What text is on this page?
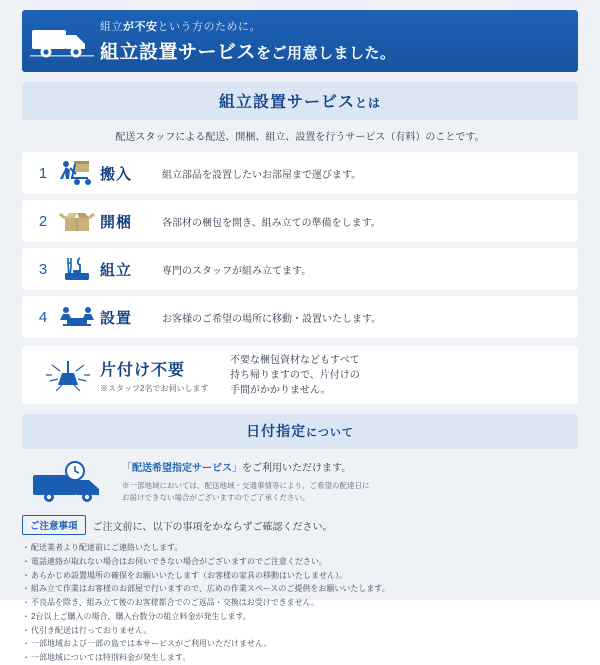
組立が不安という方のために。
組立設置サービスをご用意しました。
組立設置サービスとは
配送スタッフによる配送、開梱、組立、設置を行うサービス（有料）のことです。
1	搬入	組立部品を設置したいお部屋まで運びます。
2	開梱	各部材の梱包を開き、組み立ての準備をします。
3	組立	専門のスタッフが組み立てます。
4	設置	お客様のご希望の場所に移動・設置いたします。
片付け不要
※スタッフ2名でお伺いします
不要な梱包資材などもすべて
持ち帰りますので、片付けの
手間がかかりません。
日付指定について
「配送希望指定サービス」をご利用いただけます。
※一部地域においては、配送地域・交通事情等により、ご希望の配達日に
お届けできない場合がございますのでご了承ください。
ご注意事項	ご注文前に、以下の事項をかならずご確認ください。
・ 配送業者より配達前にご連絡いたします。
・ 電話連絡が取れない場合はお伺いできない場合がございますのでご注意ください。
・ あらかじめ設置場所の確保をお願いいたします（お客様の家具の移動はいたしません）。
・ 組み立て作業はお客様のお部屋で行いますので、広めの作業スペースのご提供をお願いいたします。
・ 不良品を除き、組み立て後のお客様都合でのご返品・交換はお受けできません。
・ 2台以上ご購入の場合、購入台数分の組立料金が発生します。
・ 代引き配送は行っておりません。
・ 一部地域および一部の島では本サービスがご利用いただけません。
・ 一部地域については特別料金が発生します。
